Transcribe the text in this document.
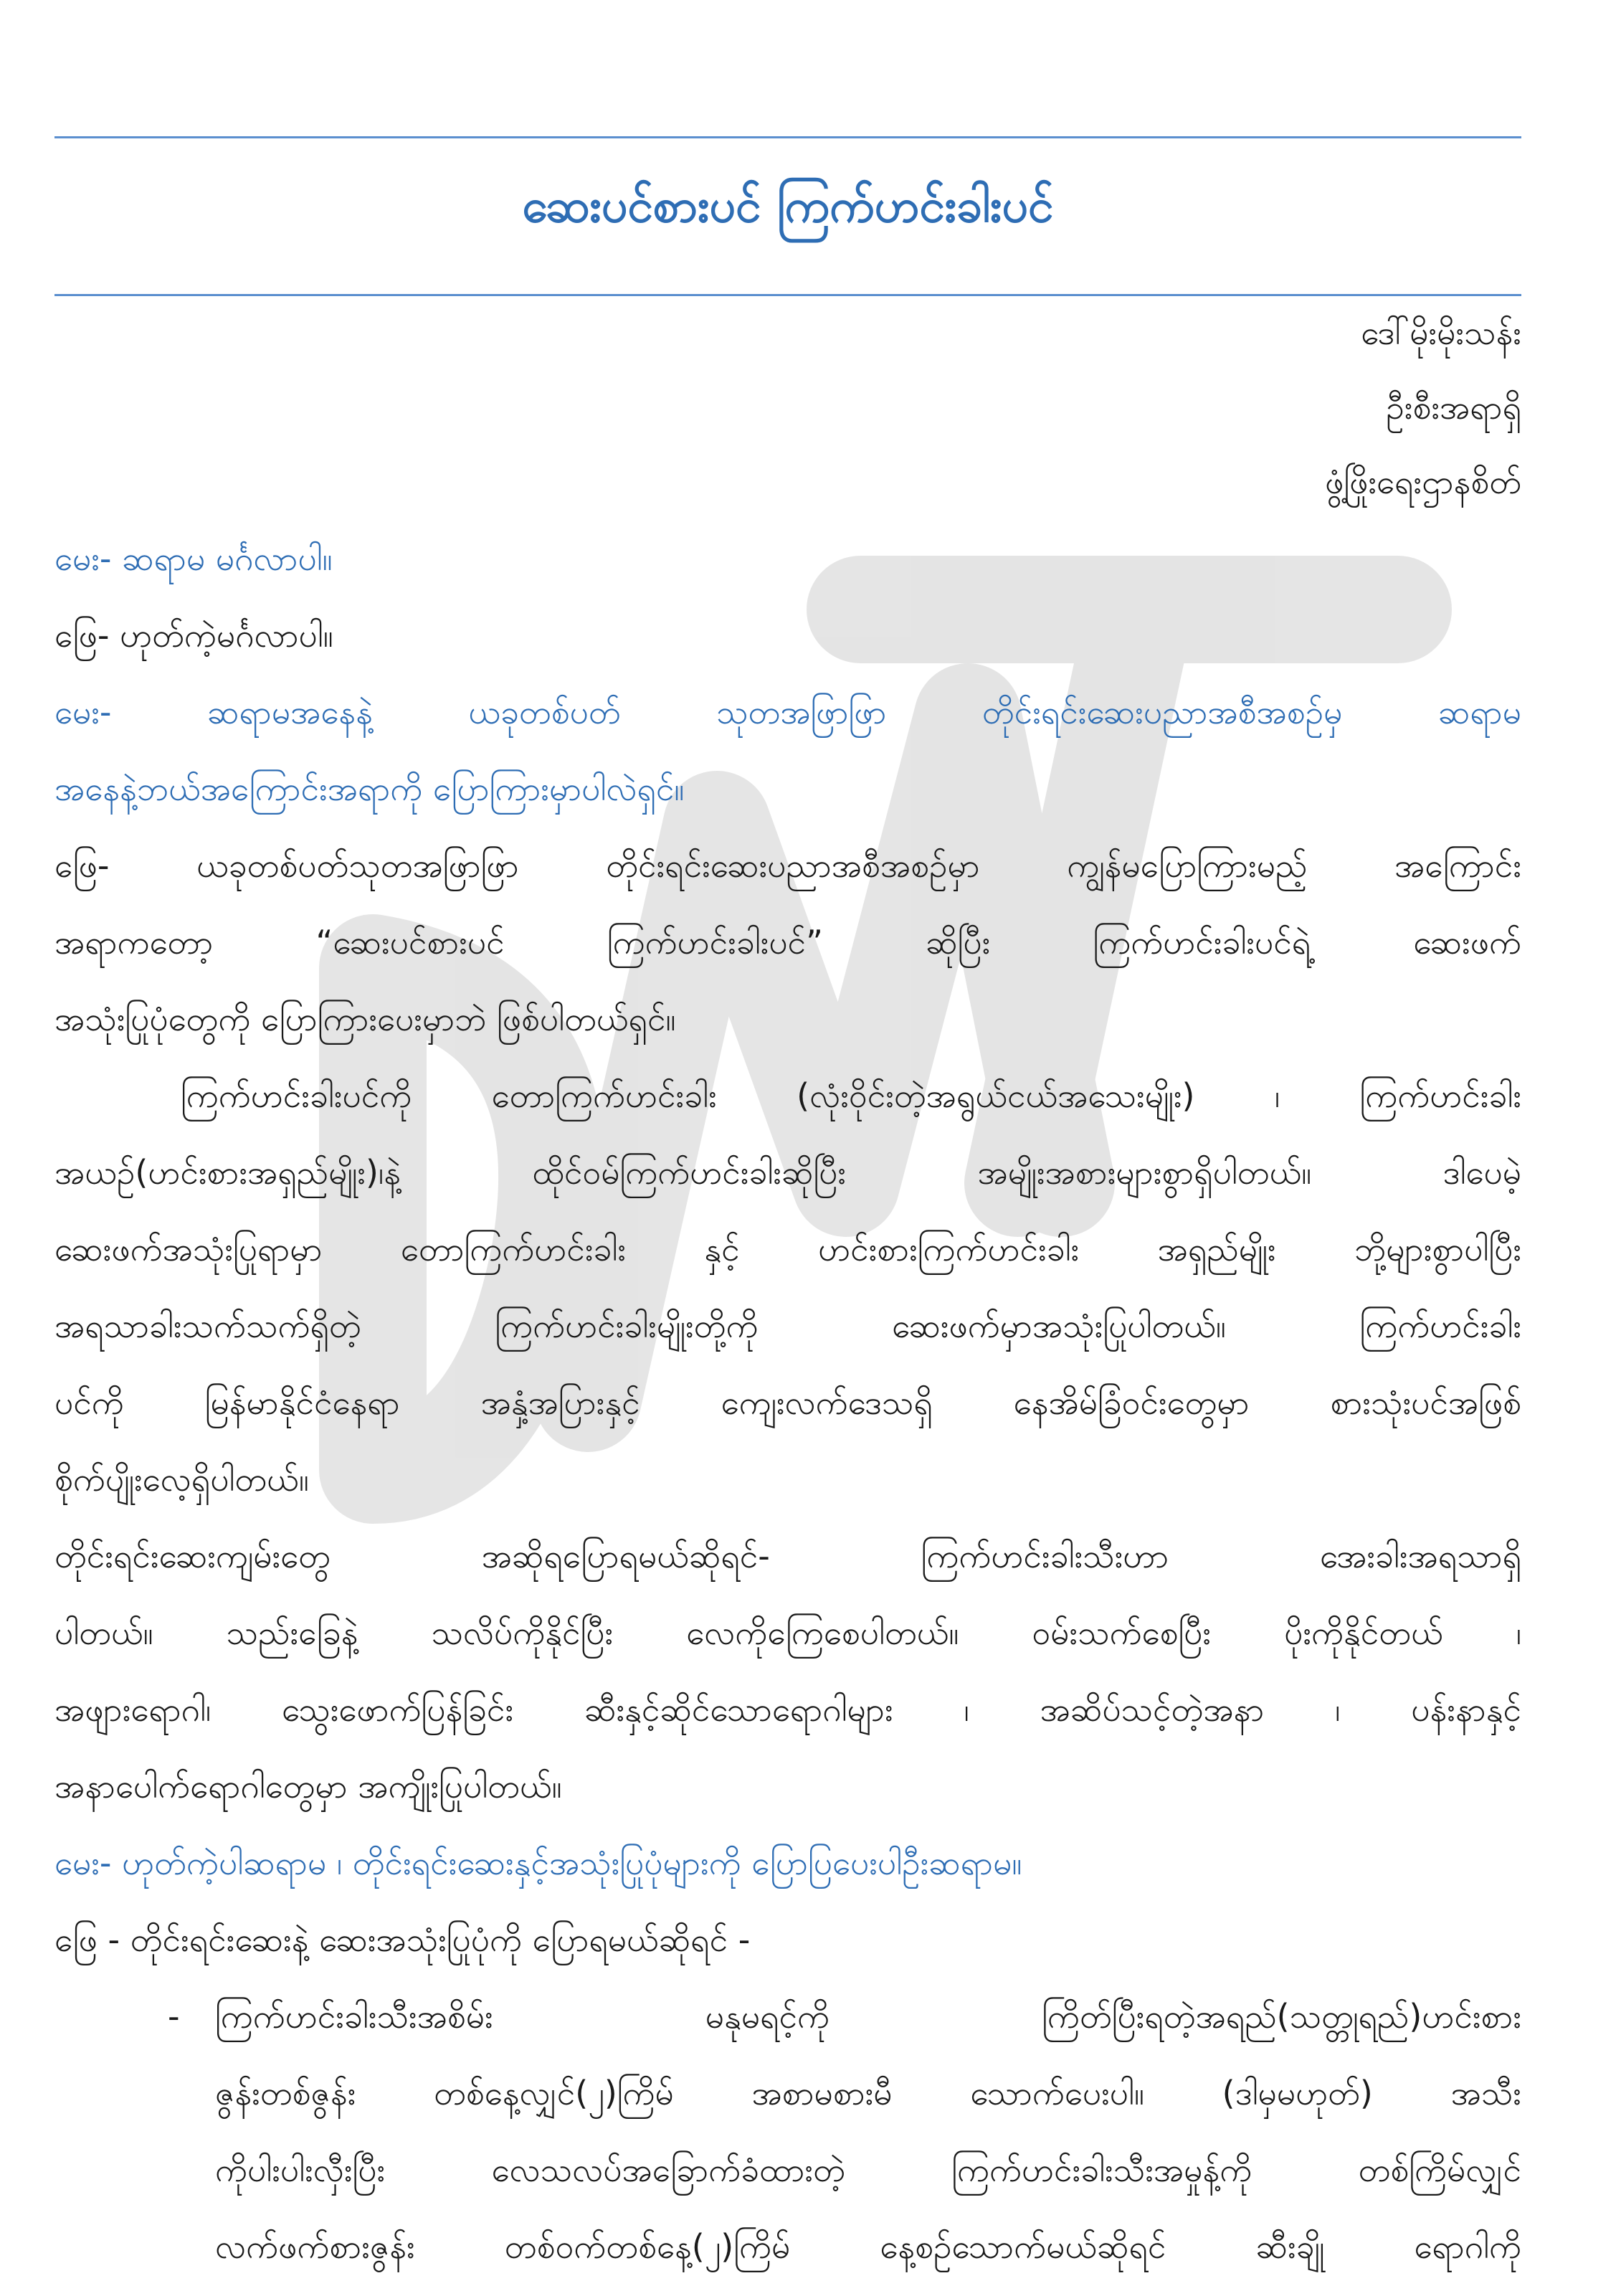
ဆေးပင်စားပင် ကြက်ဟင်းခါးပင်
ဒေါ်မိုးမိုးသန်း
ဦးစီးအရာရှိ
ဖွံ့ဖြိုးရေးဌာနစိတ်
မေး- ဆရာမ မင်္ဂလာပါ။
ဖြေ- ဟုတ်ကဲ့မင်္ဂလာပါ။
မေး- ဆရာမအနေနဲ့ ယခုတစ်ပတ် သုတအဖြာဖြာ တိုင်းရင်းဆေးပညာအစီအစဉ်မှ ဆရာမ
အနေနဲ့ဘယ်အကြောင်းအရာကို ပြောကြားမှာပါလဲရှင်။
ဖြေ- ယခုတစ်ပတ်သုတအဖြာဖြာ တိုင်းရင်းဆေးပညာအစီအစဉ်မှာ ကျွန်မပြောကြားမည့် အကြောင်း
အရာကတော့ “ဆေးပင်စားပင် ကြက်ဟင်းခါးပင်” ဆိုပြီး ကြက်ဟင်းခါးပင်ရဲ့ ဆေးဖက်
အသုံးပြုပုံတွေကို ပြောကြားပေးမှာဘဲ ဖြစ်ပါတယ်ရှင်။
ကြက်ဟင်းခါးပင်ကို တောကြက်ဟင်းခါး (လုံးဝိုင်းတဲ့အရွယ်ငယ်အသေးမျိုး) ၊ ကြက်ဟင်းခါး
အယဉ်(ဟင်းစားအရှည်မျိုး)၊နဲ့ ထိုင်ဝမ်ကြက်ဟင်းခါးဆိုပြီး အမျိုးအစားများစွာရှိပါတယ်။ ဒါပေမဲ့
ဆေးဖက်အသုံးပြုရာမှာ တောကြက်ဟင်းခါး နှင့် ဟင်းစားကြက်ဟင်းခါး အရှည်မျိုး ဘို့များစွာပါပြီး
အရသာခါးသက်သက်ရှိတဲ့ ကြက်ဟင်းခါးမျိုးတို့ကို ဆေးဖက်မှာအသုံးပြုပါတယ်။ ကြက်ဟင်းခါး
ပင်ကို မြန်မာနိုင်ငံနေရာ အနှံ့အပြားနှင့် ကျေးလက်ဒေသရှိ နေအိမ်ခြံဝင်းတွေမှာ စားသုံးပင်အဖြစ်
စိုက်ပျိုးလေ့ရှိပါတယ်။
တိုင်းရင်းဆေးကျမ်းတွေ အဆိုရပြောရမယ်ဆိုရင်- ကြက်ဟင်းခါးသီးဟာ အေးခါးအရသာရှိ
ပါတယ်။ သည်းခြေနဲ့ သလိပ်ကိုနိုင်ပြီး လေကိုကြေစေပါတယ်။ ဝမ်းသက်စေပြီး ပိုးကိုနိုင်တယ် ၊
အဖျားရောဂါ၊ သွေးဖောက်ပြန်ခြင်း ဆီးနှင့်ဆိုင်သောရောဂါများ ၊ အဆိပ်သင့်တဲ့အနာ ၊ ပန်းနာနှင့်
အနာပေါက်ရောဂါတွေမှာ အကျိုးပြုပါတယ်။
မေး- ဟုတ်ကဲ့ပါဆရာမ ၊ တိုင်းရင်းဆေးနှင့်အသုံးပြုပုံများကို ပြောပြပေးပါဦးဆရာမ။
ဖြေ - တိုင်းရင်းဆေးနဲ့ ဆေးအသုံးပြုပုံကို ပြောရမယ်ဆိုရင် -
- ကြက်ဟင်းခါးသီးအစိမ်း မနုမရင့်ကို ကြိတ်ပြီးရတဲ့အရည်(သတ္တုရည်)ဟင်းစား
ဇွန်းတစ်ဇွန်း တစ်နေ့လျှင်(၂)ကြိမ် အစာမစားမီ သောက်ပေးပါ။ (ဒါမှမဟုတ်) အသီး
ကိုပါးပါးလှီးပြီး လေသလပ်အခြောက်ခံထားတဲ့ ကြက်ဟင်းခါးသီးအမှုန့်ကို တစ်ကြိမ်လျှင်
လက်ဖက်စားဇွန်း တစ်ဝက်တစ်နေ့(၂)ကြိမ် နေ့စဉ်သောက်မယ်ဆိုရင် ဆီးချို ရောဂါကို
